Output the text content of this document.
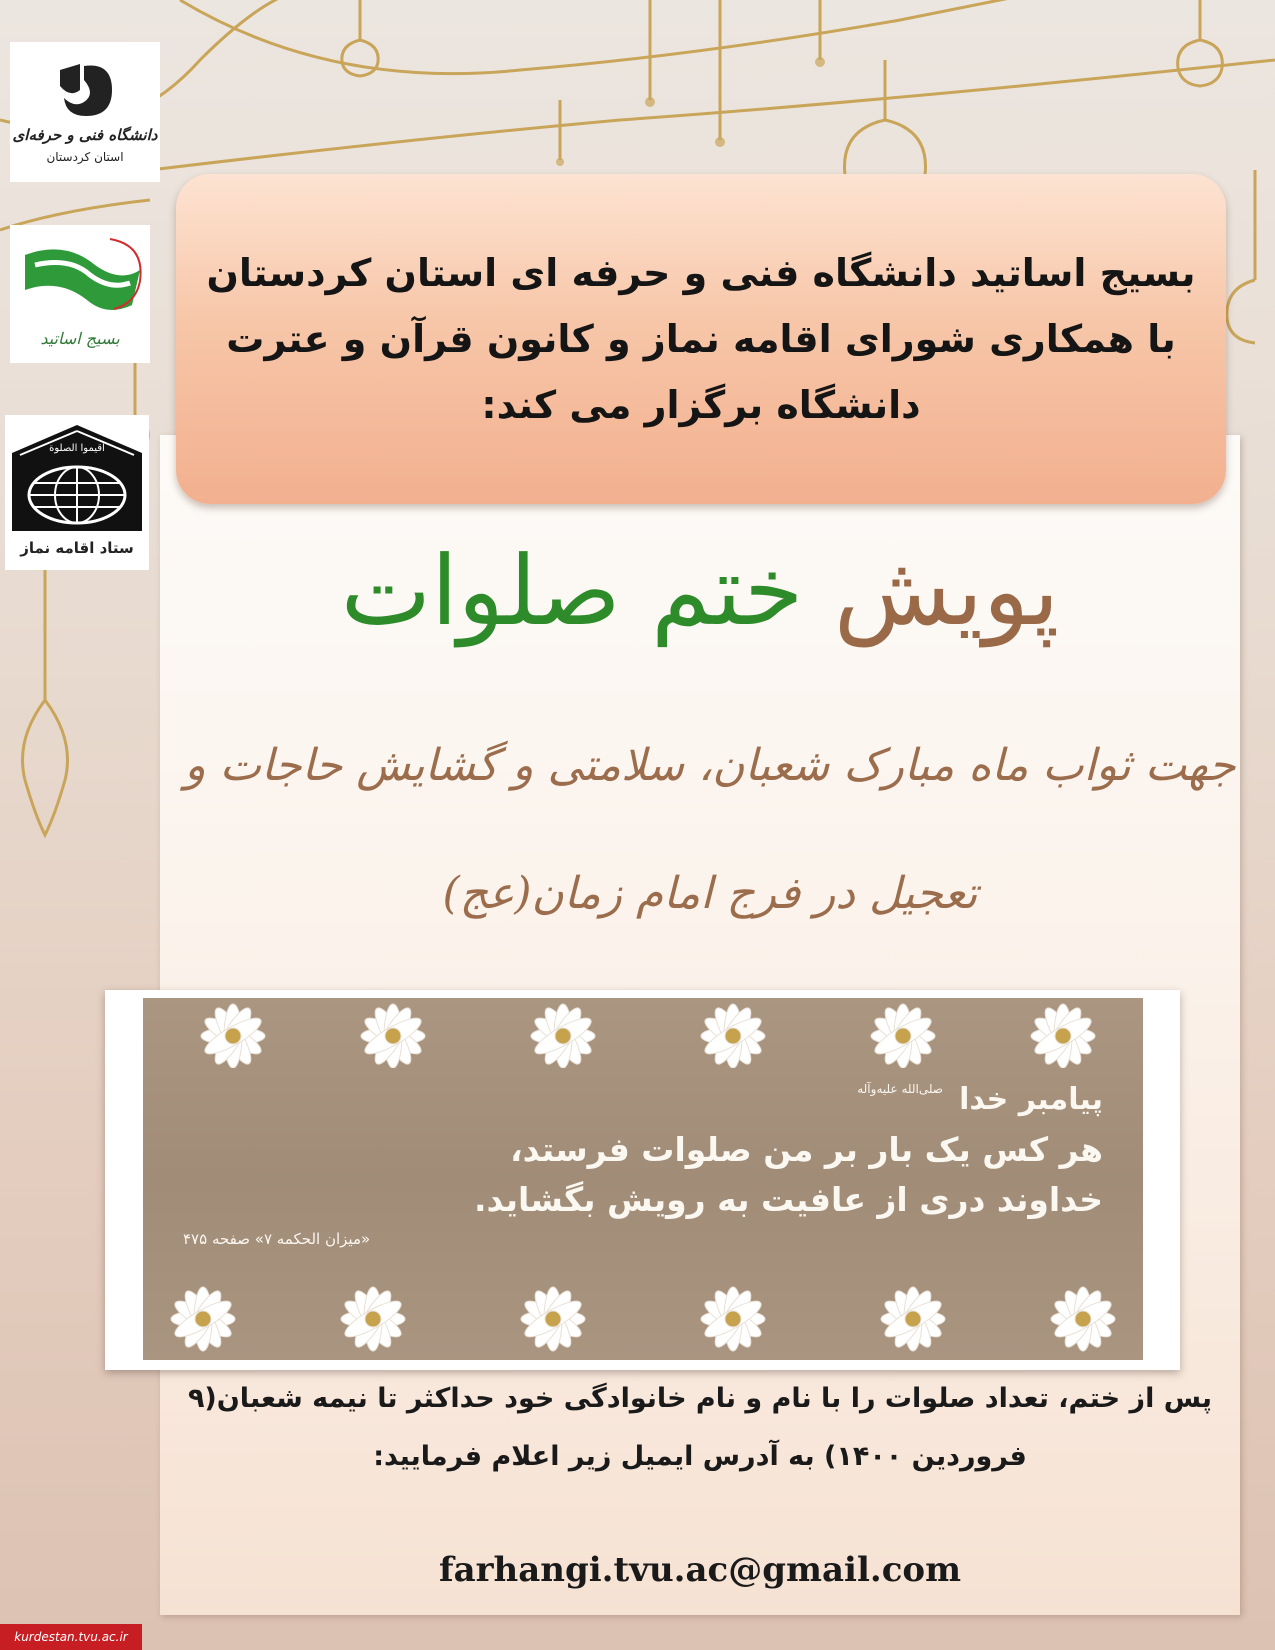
دانشگاه فنی و حرفه‌ای
استان کردستان
بسیج اساتید
اقیموا الصلوة
ستاد اقامه نماز
بسیج اساتید دانشگاه فنی و حرفه ای استان کردستان
با همکاری شورای اقامه نماز و کانون قرآن و عترت
دانشگاه برگزار می کند:
پویش ختم صلوات
جهت ثواب ماه مبارک شعبان، سلامتی و گشایش حاجات و
تعجیل در فرج امام زمان(عج)
پیامبر خدا
صلی‌الله علیه‌وآله
هر کس یک بار بر من صلوات فرستد،
خداوند دری از عافیت به رویش بگشاید.
«میزان الحکمه ۷» صفحه ۴۷۵
پس از ختم، تعداد صلوات را با نام و نام خانوادگی خود حداکثر تا نیمه شعبان(۹
فروردین ۱۴۰۰) به آدرس ایمیل زیر اعلام فرمایید:
farhangi.tvu.ac@gmail.com
kurdestan.tvu.ac.ir
